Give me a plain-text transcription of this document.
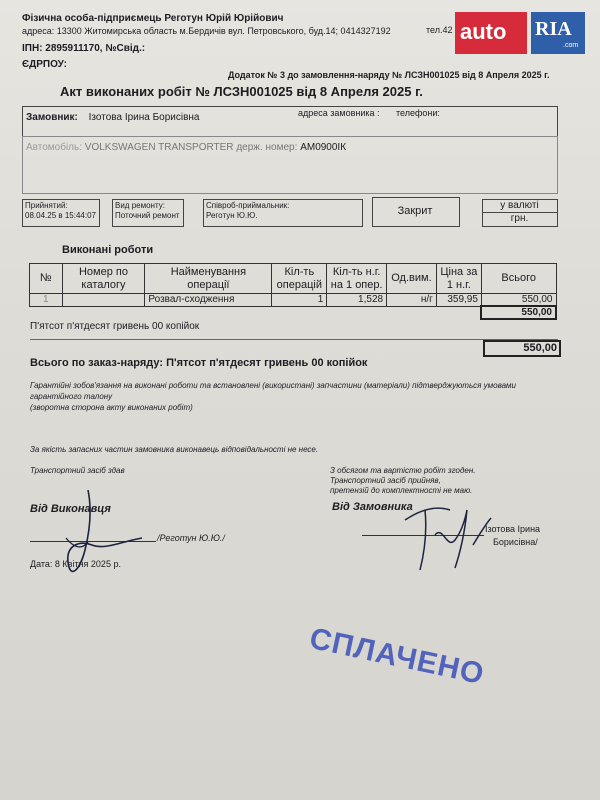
Фізична особа-підприємець Реготун Юрій Юрійович
тел.42
адреса: 13300 Житомирська область м.Бердичів вул. Петровського, буд.14; 0414327192
ІПН: 2895911170, №Свід.:
ЄДРПОУ:
auto RIA
.com
Додаток № 3 до замовлення-наряду № ЛСЗН001025 від 8 Апреля 2025 г.
Акт виконаних робіт № ЛСЗН001025 від 8 Апреля 2025 г.
Замовник: Ізотова Ірина Борисівна	адреса замовника : телефони:
Автомобіль: VOLKSWAGEN TRANSPORTER держ. номер: АМ0900ІК
Прийнятий:
08.04.25 в 15:44:07
Вид ремонту:
Поточний ремонт
Співроб-приймальник:
Реготун Ю.Ю.	Закрит	у валюті
грн.
Виконані роботи
№	Номер по каталогу	Найменування операції	Кіл-ть операцій	Кіл-ть н.г. на 1 опер.	Од.вим.	Ціна за 1 н.г.	Всього
1		Розвал-сходження	1	1,528	н/г	359,95	550,00
							550,00
П'ятсот п'ятдесят гривень 00 копійок
Всього по заказ-наряду: П'ятсот п'ятдесят гривень 00 копійок
550,00
Гарантійні зобов'язання на виконані роботи та встановлені (використані) запчастини (матеріали) підтверджуються умовами
гарантійного талону
(зворотна сторона акту виконаних робіт)
За якість запасних частин замовника виконавець відповідальності не несе.
Транспортний засіб здав	З обсягом та вартістю робіт згоден.
Транспортний засіб прийняв,
претензій до комплектності не маю.
Від Виконавця
/Реготун Ю.Ю./
Дата: 8 Квітня 2025 р.
Від Замовника
Ізотова Ірина
Борисівна/
СПЛАЧЕНО
